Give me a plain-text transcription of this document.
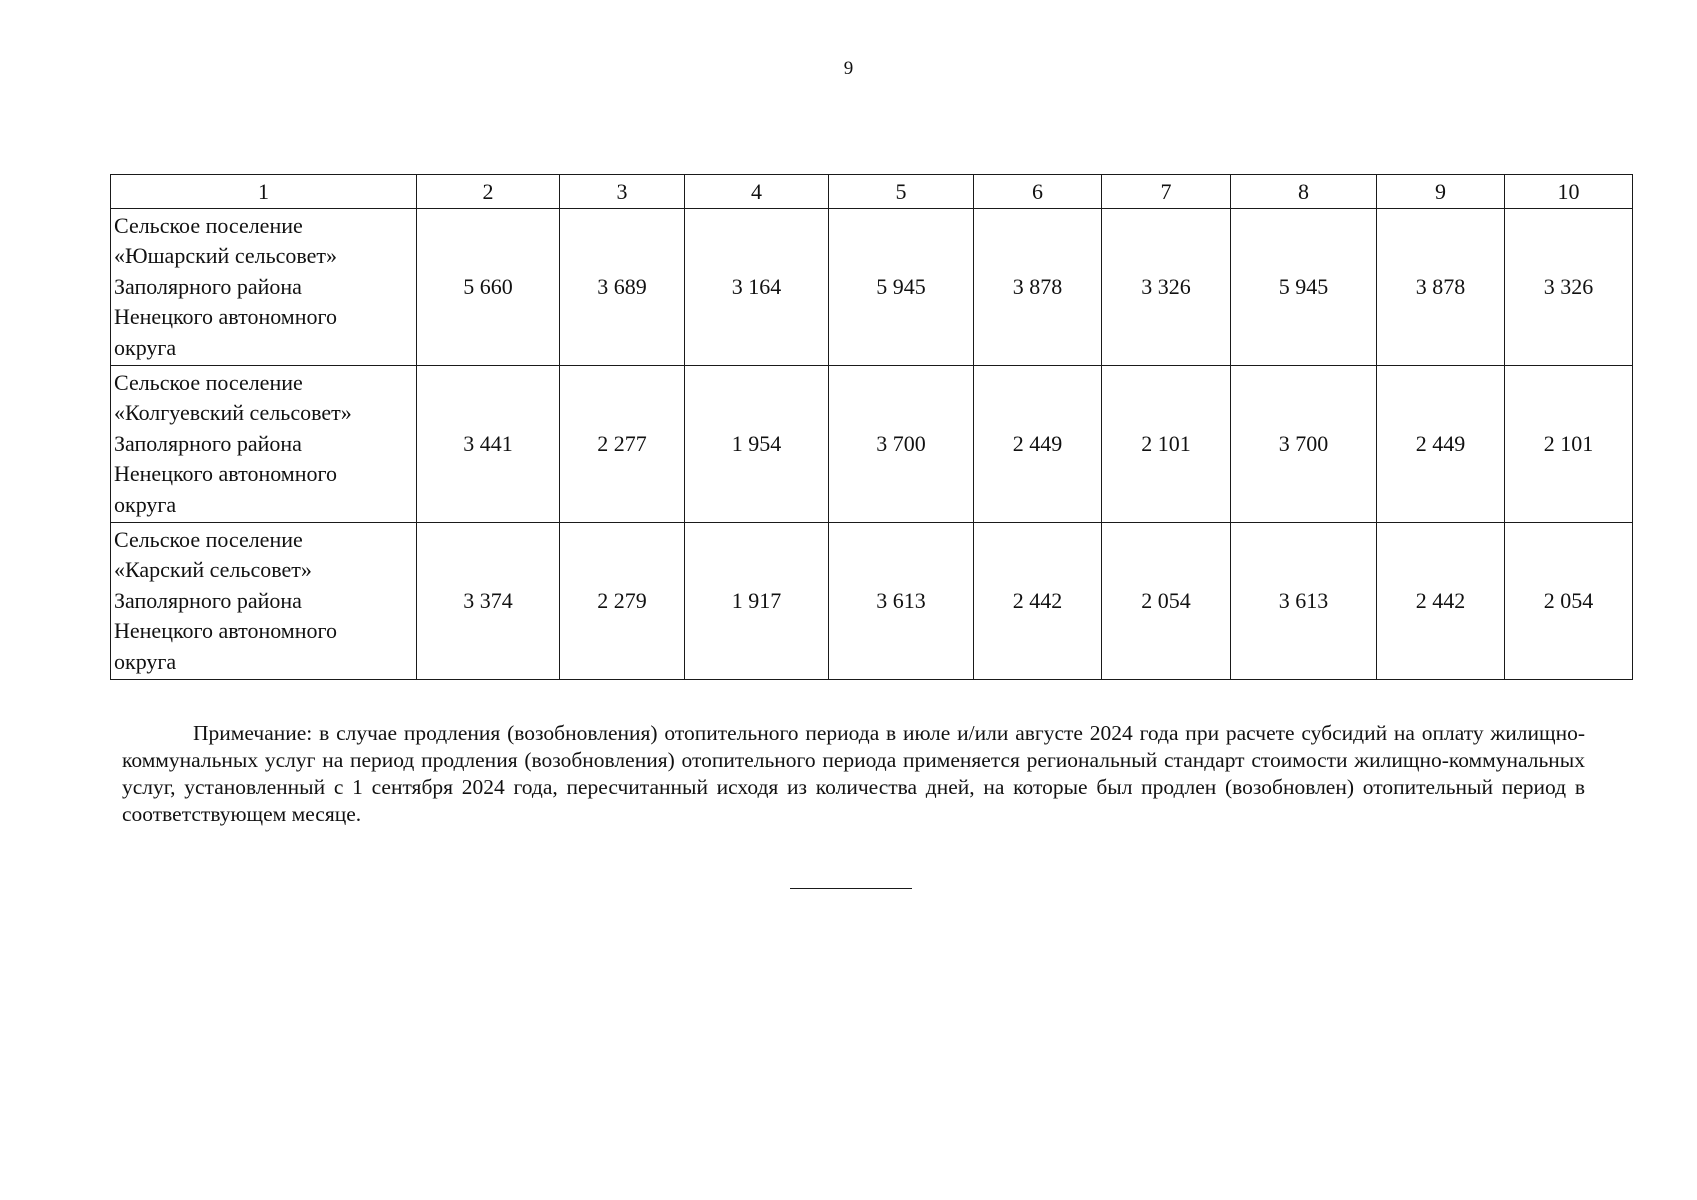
9
1	2	3	4	5	6	7	8	9	10

Сельское поселение
«Юшарский сельсовет»
Заполярного района
Ненецкого автономного
округа	5 660	3 689	3 164	5 945	3 878	3 326	5 945	3 878	3 326

Сельское поселение
«Колгуевский сельсовет»
Заполярного района
Ненецкого автономного
округа	3 441	2 277	1 954	3 700	2 449	2 101	3 700	2 449	2 101

Сельское поселение
«Карский сельсовет»
Заполярного района
Ненецкого автономного
округа	3 374	2 279	1 917	3 613	2 442	2 054	3 613	2 442	2 054

Примечание: в случае продления (возобновления) отопительного периода в июле и/или августе 2024 года при расчете субсидий на оплату жилищно-коммунальных услуг на период продления (возобновления) отопительного периода применяется региональный стандарт стоимости жилищно-коммунальных услуг, установленный с 1 сентября 2024 года, пересчитанный исходя из количества дней, на которые был продлен (возобновлен) отопительный период в соответствующем месяце.
